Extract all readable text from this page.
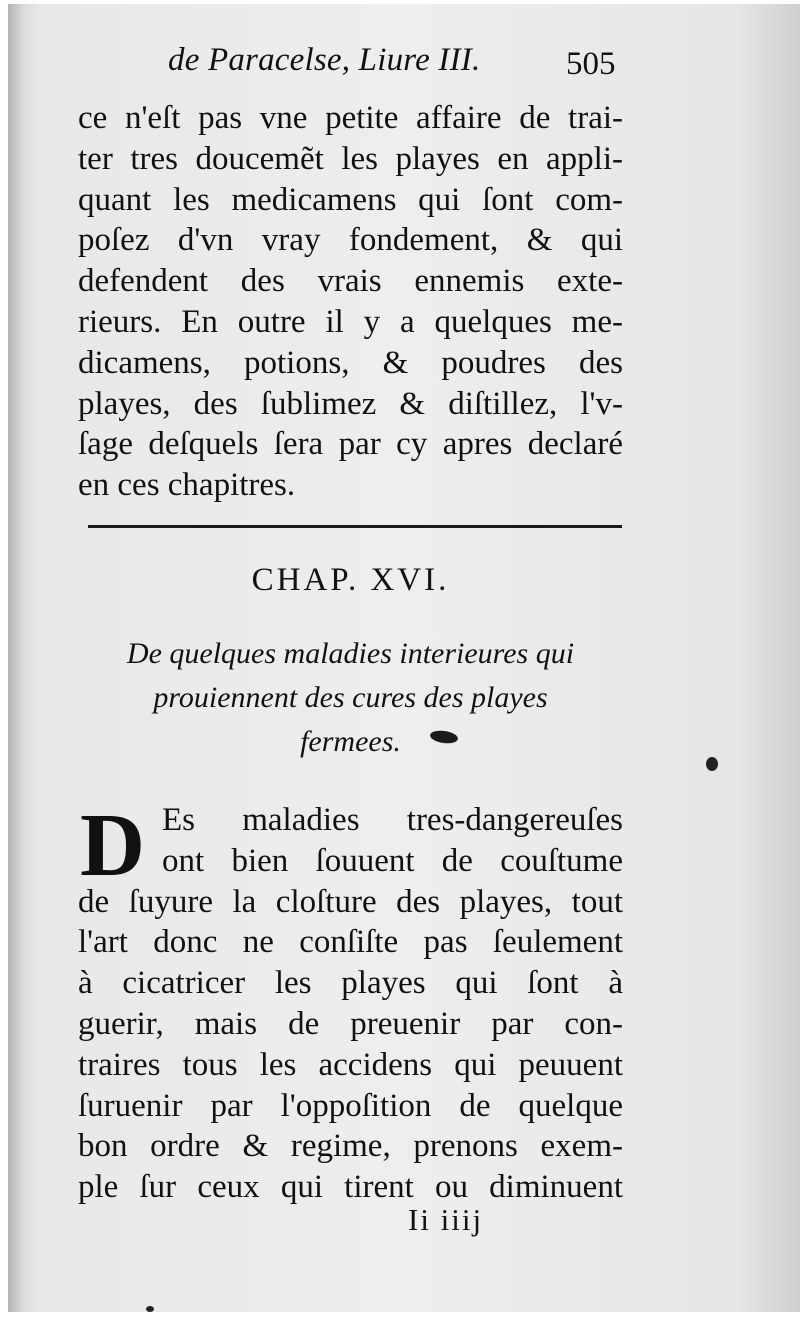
de Paracelse, Liure III.	505
ce n'eſt pas vne petite affaire de trai-
ter tres doucemẽt les playes en appli-
quant les medicamens qui ſont com-
poſez d'vn vray fondement, & qui
defendent des vrais ennemis exte-
rieurs. En outre il y a quelques me-
dicamens, potions, & poudres des
playes, des ſublimez & diſtillez, l'v-
ſage deſquels ſera par cy apres declaré
en ces chapitres.
CHAP. XVI.
De quelques maladies interieures qui
prouiennent des cures des playes
fermees.
D Es maladies tres-dangereuſes
ont bien ſouuent de couſtume
de ſuyure la cloſture des playes, tout
l'art donc ne conſiſte pas ſeulement
à cicatricer les playes qui ſont à
guerir, mais de preuenir par con-
traires tous les accidens qui peuuent
ſuruenir par l'oppoſition de quelque
bon ordre & regime, prenons exem-
ple ſur ceux qui tirent ou diminuent
Ii iiij
